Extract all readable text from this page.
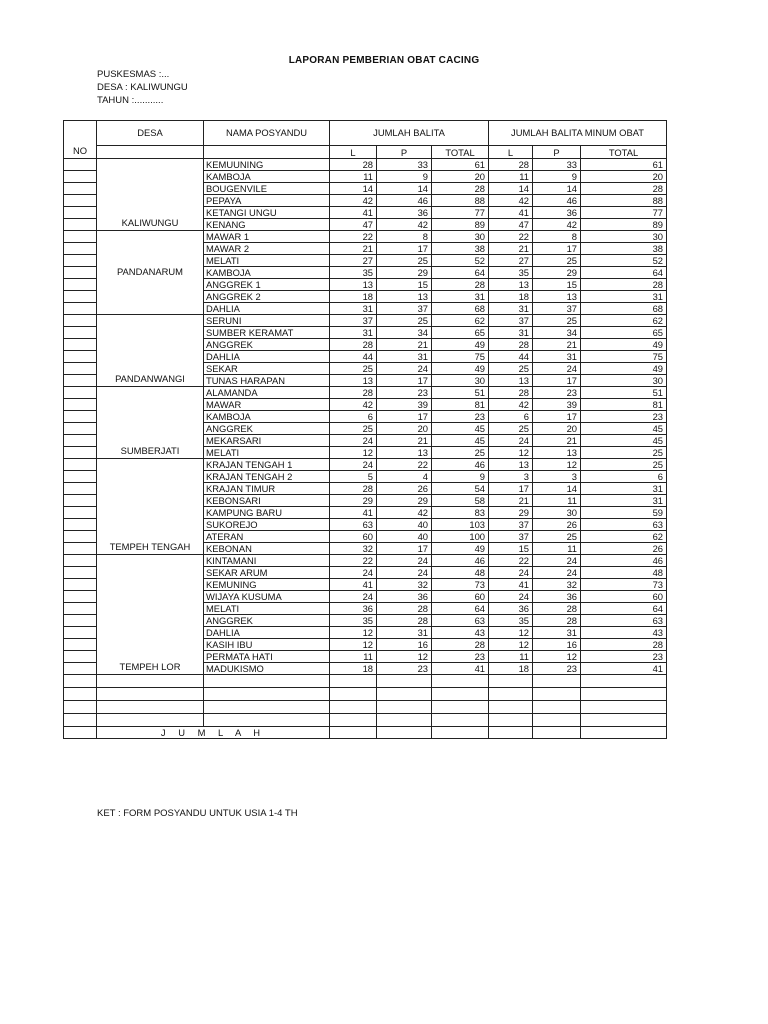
LAPORAN PEMBERIAN OBAT CACING
PUSKESMAS :...
DESA : KALIWUNGU
TAHUN :...........
NO	DESA	NAMA POSYANDU	JUMLAH BALITA			JUMLAH BALITA MINUM OBAT		
			L	P	TOTAL	L	P	TOTAL
	KALIWUNGU	KEMUUNING	28	33	61	28	33	61
		KAMBOJA	11	9	20	11	9	20
		BOUGENVILE	14	14	28	14	14	28
		PEPAYA	42	46	88	42	46	88
		KETANGI UNGU	41	36	77	41	36	77
		KENANG	47	42	89	47	42	89
	PANDANARUM	MAWAR 1	22	8	30	22	8	30
		MAWAR 2	21	17	38	21	17	38
		MELATI	27	25	52	27	25	52
		KAMBOJA	35	29	64	35	29	64
		ANGGREK 1	13	15	28	13	15	28
		ANGGREK 2	18	13	31	18	13	31
		DAHLIA	31	37	68	31	37	68
	PANDANWANGI	SERUNI	37	25	62	37	25	62
		SUMBER KERAMAT	31	34	65	31	34	65
		ANGGREK	28	21	49	28	21	49
		DAHLIA	44	31	75	44	31	75
		SEKAR	25	24	49	25	24	49
		TUNAS HARAPAN	13	17	30	13	17	30
	SUMBERJATI	ALAMANDA	28	23	51	28	23	51
		MAWAR	42	39	81	42	39	81
		KAMBOJA	6	17	23	6	17	23
		ANGGREK	25	20	45	25	20	45
		MEKARSARI	24	21	45	24	21	45
		MELATI	12	13	25	12	13	25
	TEMPEH TENGAH	KRAJAN TENGAH 1	24	22	46	13	12	25
		KRAJAN TENGAH 2	5	4	9	3	3	6
		KRAJAN TIMUR	28	26	54	17	14	31
		KEBONSARI	29	29	58	21	11	31
		KAMPUNG BARU	41	42	83	29	30	59
		SUKOREJO	63	40	103	37	26	63
		ATERAN	60	40	100	37	25	62
		KEBONAN	32	17	49	15	11	26
	TEMPEH LOR	KINTAMANI	22	24	46	22	24	46
		SEKAR ARUM	24	24	48	24	24	48
		KEMUNING	41	32	73	41	32	73
		WIJAYA KUSUMA	24	36	60	24	36	60
		MELATI	36	28	64	36	28	64
		ANGGREK	35	28	63	35	28	63
		DAHLIA	12	31	43	12	31	43
		KASIH IBU	12	16	28	12	16	28
		PERMATA HATI	11	12	23	11	12	23
		MADUKISMO	18	23	41	18	23	41

	J U M L A H							
KET : FORM POSYANDU UNTUK USIA 1-4 TH
